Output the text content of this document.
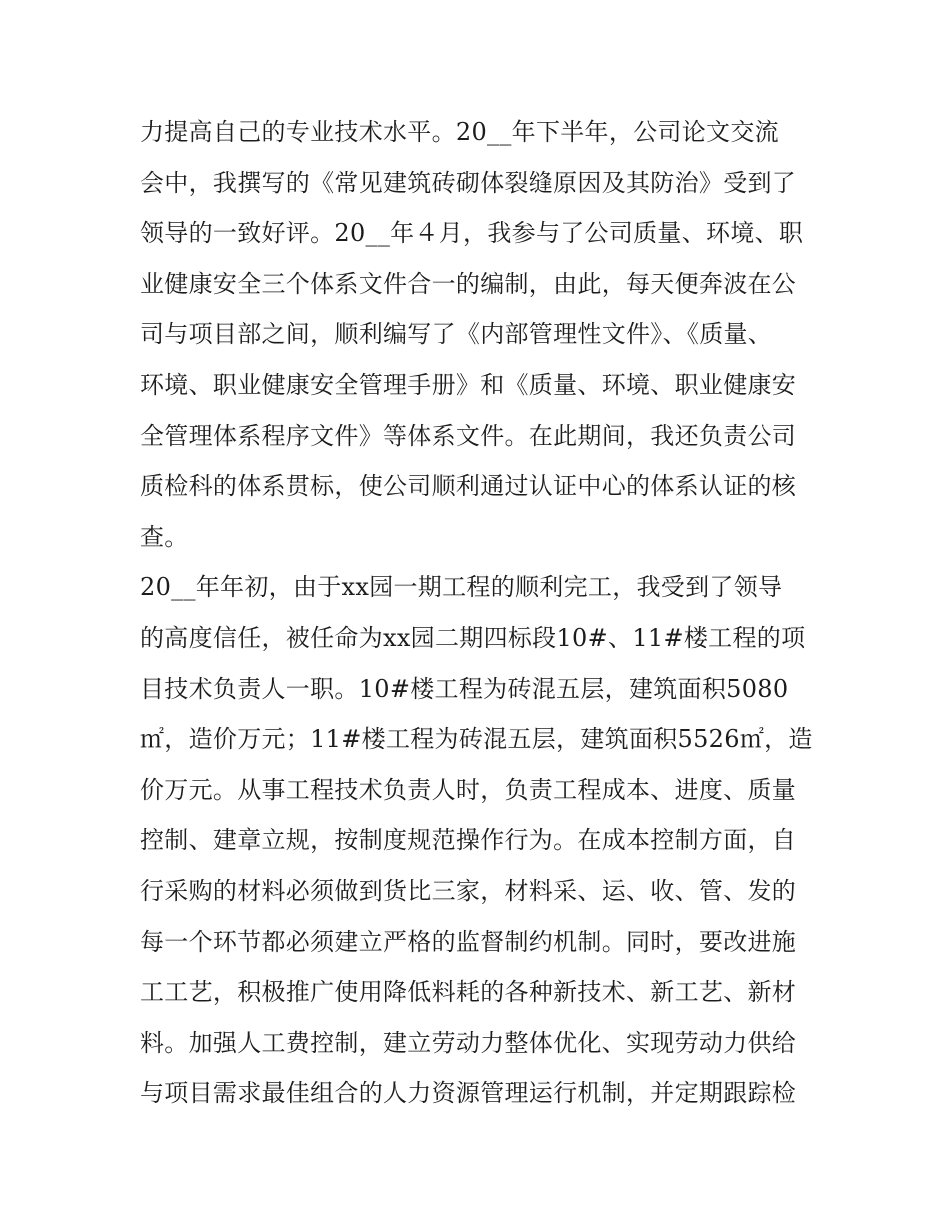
力提高自己的专业技术水平。20__年下半年，公司论文交流
会中，我撰写的《常见建筑砖砌体裂缝原因及其防治》受到了
领导的一致好评。20__年４月，我参与了公司质量、环境、职
业健康安全三个体系文件合一的编制，由此，每天便奔波在公
司与项目部之间，顺利编写了《内部管理性文件》、《质量、
环境、职业健康安全管理手册》和《质量、环境、职业健康安
全管理体系程序文件》等体系文件。在此期间，我还负责公司
质检科的体系贯标，使公司顺利通过认证中心的体系认证的核
查。
20__年年初，由于xx园一期工程的顺利完工，我受到了领导
的高度信任，被任命为xx园二期四标段10#、11#楼工程的项
目技术负责人一职。10#楼工程为砖混五层，建筑面积5080
㎡，造价万元；11#楼工程为砖混五层，建筑面积5526㎡，造
价万元。从事工程技术负责人时，负责工程成本、进度、质量
控制、建章立规，按制度规范操作行为。在成本控制方面，自
行采购的材料必须做到货比三家，材料采、运、收、管、发的
每一个环节都必须建立严格的监督制约机制。同时，要改进施
工工艺，积极推广使用降低料耗的各种新技术、新工艺、新材
料。加强人工费控制，建立劳动力整体优化、实现劳动力供给
与项目需求最佳组合的人力资源管理运行机制，并定期跟踪检
